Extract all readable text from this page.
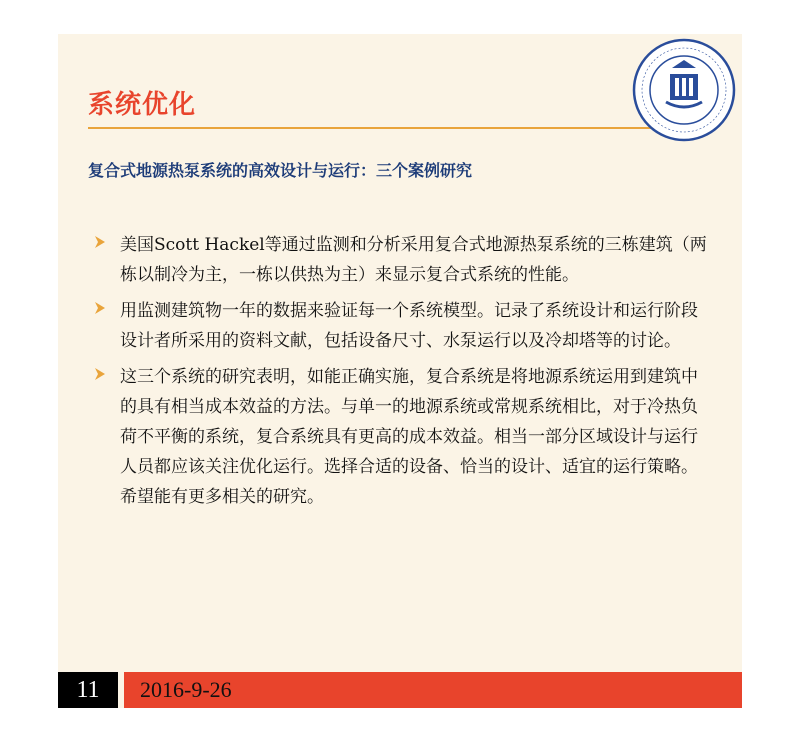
系统优化
复合式地源热泵系统的高效设计与运行：三个案例研究
美国Scott Hackel等通过监测和分析采用复合式地源热泵系统的三栋建筑（两栋以制冷为主，一栋以供热为主）来显示复合式系统的性能。
用监测建筑物一年的数据来验证每一个系统模型。记录了系统设计和运行阶段设计者所采用的资料文献，包括设备尺寸、水泵运行以及冷却塔等的讨论。
这三个系统的研究表明，如能正确实施，复合系统是将地源系统运用到建筑中的具有相当成本效益的方法。与单一的地源系统或常规系统相比，对于冷热负荷不平衡的系统，复合系统具有更高的成本效益。相当一部分区域设计与运行人员都应该关注优化运行。选择合适的设备、恰当的设计、适宜的运行策略。希望能有更多相关的研究。
11	2016-9-26
